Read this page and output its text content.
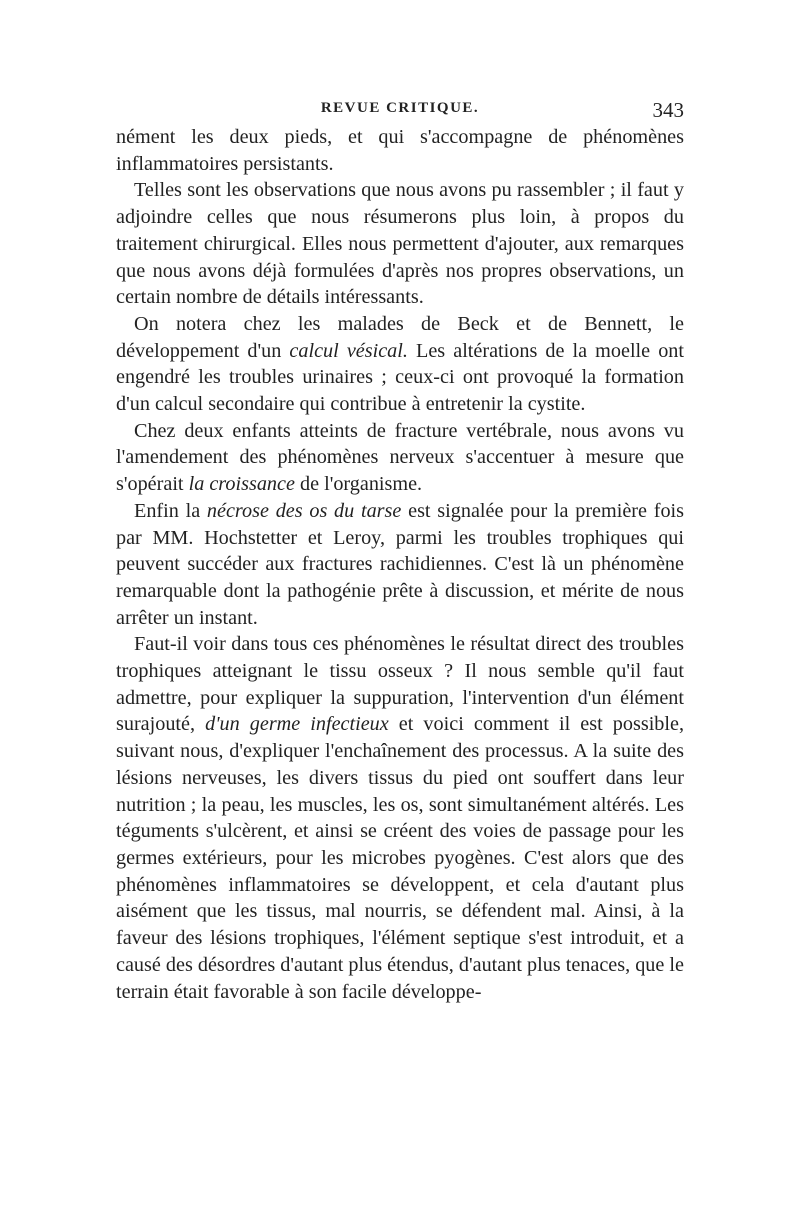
REVUE CRITIQUE.	343

nément les deux pieds, et qui s'accompagne de phénomènes inflammatoires persistants.

Telles sont les observations que nous avons pu rassembler ; il faut y adjoindre celles que nous résumerons plus loin, à propos du traitement chirurgical. Elles nous permettent d'ajouter, aux remarques que nous avons déjà formulées d'après nos propres observations, un certain nombre de détails intéressants.

On notera chez les malades de Beck et de Bennett, le développement d'un calcul vésical. Les altérations de la moelle ont engendré les troubles urinaires ; ceux-ci ont provoqué la formation d'un calcul secondaire qui contribue à entretenir la cystite.

Chez deux enfants atteints de fracture vertébrale, nous avons vu l'amendement des phénomènes nerveux s'accentuer à mesure que s'opérait la croissance de l'organisme.

Enfin la nécrose des os du tarse est signalée pour la première fois par MM. Hochstetter et Leroy, parmi les troubles trophiques qui peuvent succéder aux fractures rachidiennes. C'est là un phénomène remarquable dont la pathogénie prête à discussion, et mérite de nous arrêter un instant.

Faut-il voir dans tous ces phénomènes le résultat direct des troubles trophiques atteignant le tissu osseux ? Il nous semble qu'il faut admettre, pour expliquer la suppuration, l'intervention d'un élément surajouté, d'un germe infectieux et voici comment il est possible, suivant nous, d'expliquer l'enchaînement des processus. A la suite des lésions nerveuses, les divers tissus du pied ont souffert dans leur nutrition ; la peau, les muscles, les os, sont simultanément altérés. Les téguments s'ulcèrent, et ainsi se créent des voies de passage pour les germes extérieurs, pour les microbes pyogènes. C'est alors que des phénomènes inflammatoires se développent, et cela d'autant plus aisément que les tissus, mal nourris, se défendent mal. Ainsi, à la faveur des lésions trophiques, l'élément septique s'est introduit, et a causé des désordres d'autant plus étendus, d'autant plus tenaces, que le terrain était favorable à son facile développe-
